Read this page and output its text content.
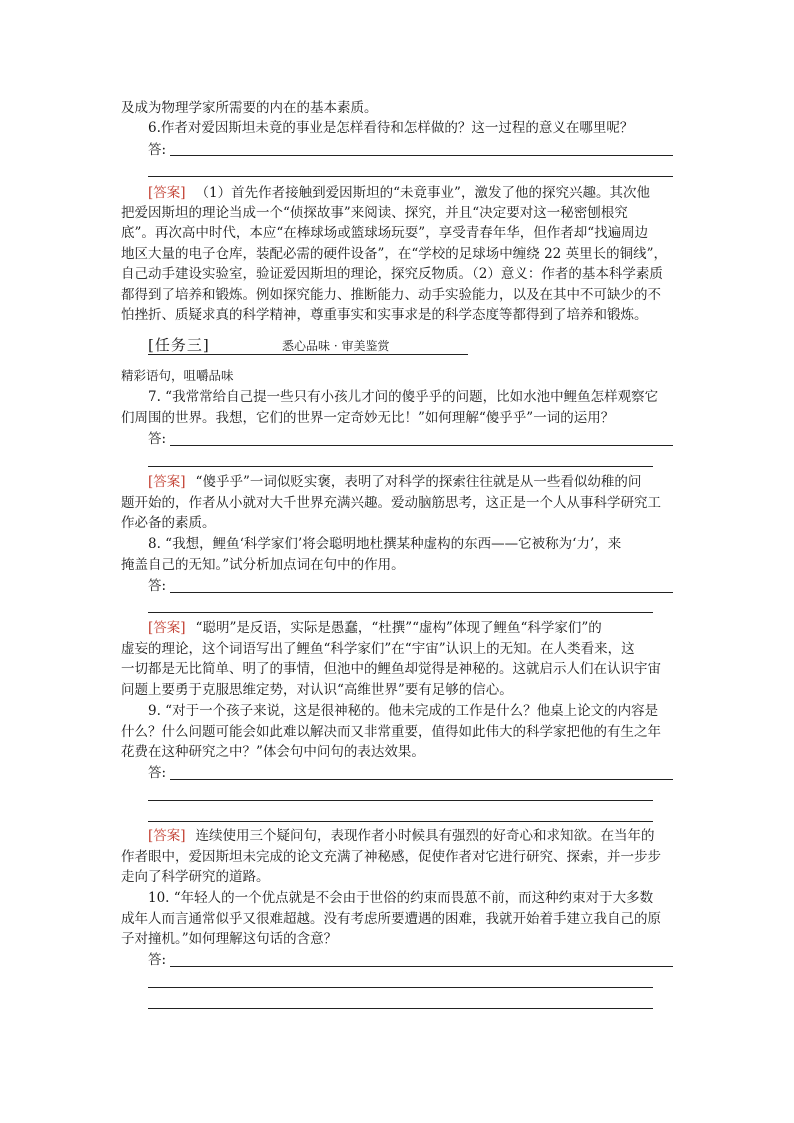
及成为物理学家所需要的内在的基本素质。
6.作者对爱因斯坦未竟的事业是怎样看待和怎样做的？这一过程的意义在哪里呢？
答:
[答案] （1）首先作者接触到爱因斯坦的“未竟事业”，激发了他的探究兴趣。其次他
把爱因斯坦的理论当成一个“侦探故事”来阅读、探究，并且“决定要对这一秘密刨根究
底”。再次高中时代，本应“在棒球场或篮球场玩耍”，享受青春年华，但作者却“找遍周边
地区大量的电子仓库，装配必需的硬件设备”，在“学校的足球场中缠绕 22 英里长的铜线”，
自己动手建设实验室，验证爱因斯坦的理论，探究反物质。（2）意义：作者的基本科学素质
都得到了培养和锻炼。例如探究能力、推断能力、动手实验能力，以及在其中不可缺少的不
怕挫折、质疑求真的科学精神，尊重事实和实事求是的科学态度等都得到了培养和锻炼。
[任务三]	悉心品味 · 审美鉴赏
精彩语句，咀嚼品味
7. “我常常给自己提一些只有小孩儿才问的傻乎乎的问题，比如水池中鲤鱼怎样观察它
们周围的世界。我想，它们的世界一定奇妙无比！”如何理解“傻乎乎”一词的运用？
答:
[答案] “傻乎乎”一词似贬实褒，表明了对科学的探索往往就是从一些看似幼稚的问
题开始的，作者从小就对大千世界充满兴趣。爱动脑筋思考，这正是一个人从事科学研究工
作必备的素质。
8. “我想，鲤鱼‘科学家们’将会聪明地杜撰某种虚构的东西——它被称为‘力’，来
掩盖自己的无知。”试分析加点词在句中的作用。
答:
[答案] “聪明”是反语，实际是愚蠢，“杜撰”“虚构”体现了鲤鱼“科学家们”的
虚妄的理论，这个词语写出了鲤鱼“科学家们”在“宇宙”认识上的无知。在人类看来，这
一切都是无比简单、明了的事情，但池中的鲤鱼却觉得是神秘的。这就启示人们在认识宇宙
问题上要勇于克服思维定势，对认识“高维世界”要有足够的信心。
9. “对于一个孩子来说，这是很神秘的。他未完成的工作是什么？他桌上论文的内容是
什么？什么问题可能会如此难以解决而又非常重要，值得如此伟大的科学家把他的有生之年
花费在这种研究之中？”体会句中问句的表达效果。
答:
[答案] 连续使用三个疑问句，表现作者小时候具有强烈的好奇心和求知欲。在当年的
作者眼中，爱因斯坦未完成的论文充满了神秘感，促使作者对它进行研究、探索，并一步步
走向了科学研究的道路。
10. “年轻人的一个优点就是不会由于世俗的约束而畏葸不前，而这种约束对于大多数
成年人而言通常似乎又很难超越。没有考虑所要遭遇的困难，我就开始着手建立我自己的原
子对撞机。”如何理解这句话的含意？
答:
